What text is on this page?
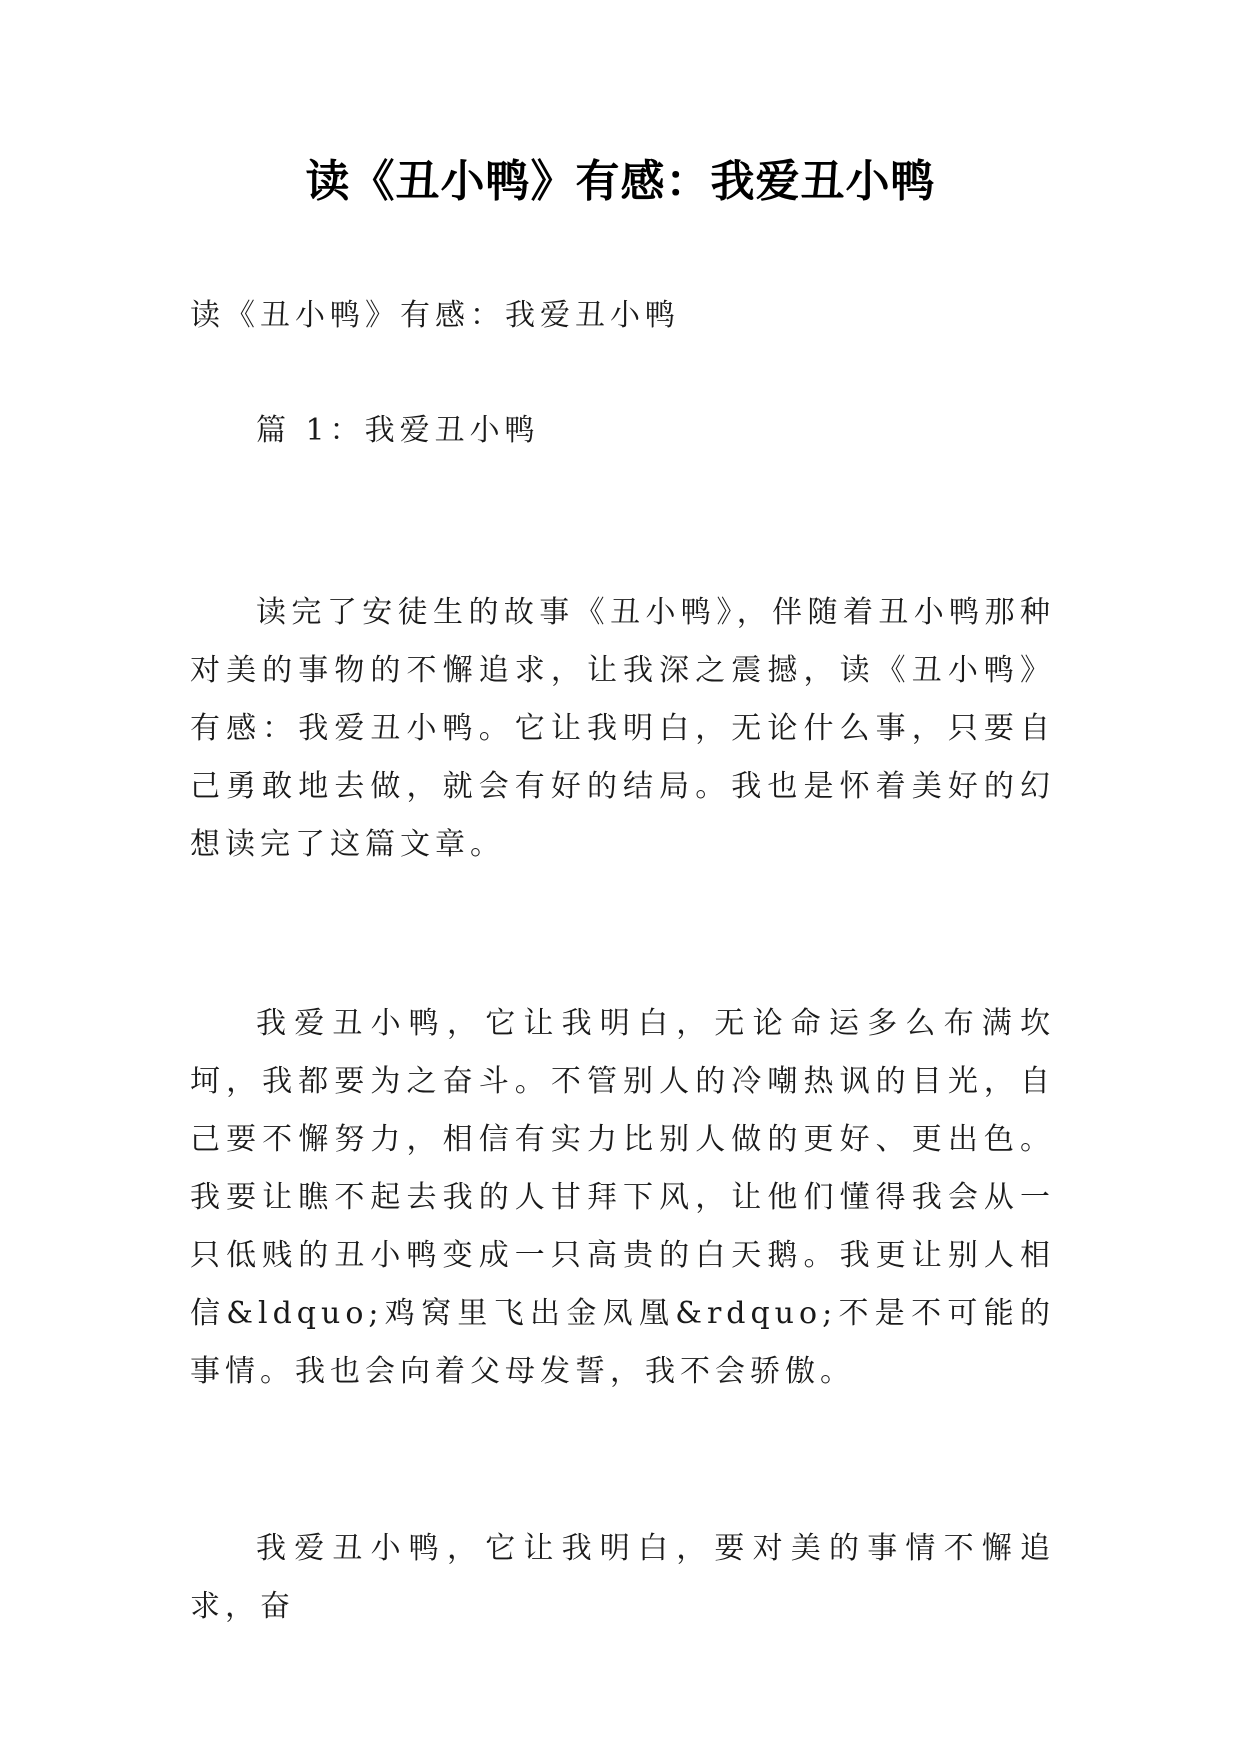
读《丑小鸭》有感：我爱丑小鸭

读《丑小鸭》有感：我爱丑小鸭

篇 1：我爱丑小鸭

读完了安徒生的故事《丑小鸭》，伴随着丑小鸭那种对美的事物的不懈追求，让我深之震撼，读《丑小鸭》有感：我爱丑小鸭。它让我明白，无论什么事，只要自己勇敢地去做，就会有好的结局。我也是怀着美好的幻想读完了这篇文章。

我爱丑小鸭，它让我明白，无论命运多么布满坎坷，我都要为之奋斗。不管别人的冷嘲热讽的目光，自己要不懈努力，相信有实力比别人做的更好、更出色。我要让瞧不起去我的人甘拜下风，让他们懂得我会从一只低贱的丑小鸭变成一只高贵的白天鹅。我更让别人相信&ldquo;鸡窝里飞出金凤凰&rdquo;不是不可能的事情。我也会向着父母发誓，我不会骄傲。

我爱丑小鸭，它让我明白，要对美的事情不懈追求，奋
